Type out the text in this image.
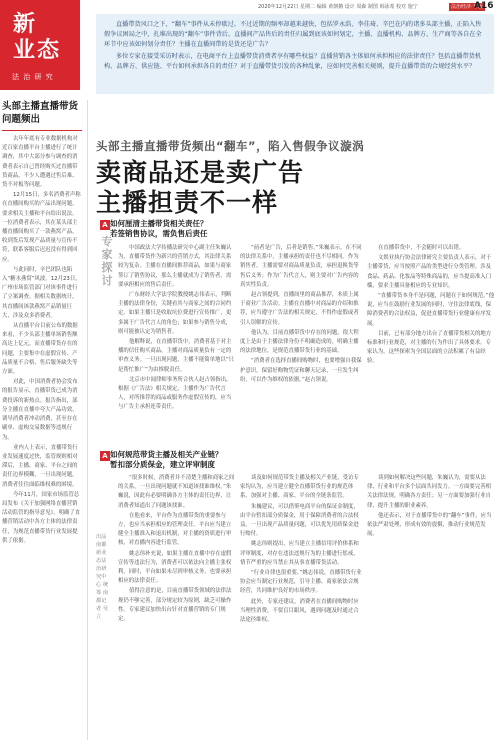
2020年12月22日 星期二 编辑 黄朝娥 设计 周森 制图 韩泳希 校对 施宁	法治经济·专版
A16
新
业态
法 治 研 究

直播带货风口之下，“翻车”事件从未停歇过。不过近期的频率却越来越快，包括罗永浩、李佳琦、辛巴在内的诸多头部主播，正陷入售假争议困局之中，扎堆出现的“翻车”事件背后，直播间产品售后的责任归属到底该如何划定，主播、直播机构、品牌方、生产商等各自在全环节中应该如何划分责任？主播在直播间带的是货还是广告？

多位专家在接受采访时表示，在电商平台上直播带货消费者享有哪些权益？直播营销各主体如何承担相应的法律责任？包括直播带货机构、品牌方、供应链、平台如何承担各自的责任？对于直播带货引发的各种乱象，应如何完善相关规则，提升直播带货的合规经营水平？

头部主播直播带货问题频出

去年年底有专业数据机构对近百家直播平台主播进行了统计调查，其中大部分参与调查的消费者表示自己曾经购买过直播带货商品，不少人遭遇过售后难、货不对板等问题。

12月15日，多名消费者声称在直播间购买的产品出现问题，要求相关主播和平台给出说法。一位消费者表示，其在某头部主播直播间购买了一款燕窝产品，收到货后发现产品质量与宣传不符，联系客服后迟迟没有得到回应。

与此同时，辛巴团队也陷入“糖水燕窝”风波。12月23日，广州市场监管部门对该事件进行了立案调查。据相关数据统计，其直播间该款燕窝产品销量巨大，涉及众多消费者。

从直播平台目前公布的数据来看，不少头部主播单场销售额高达上亿元。而直播带货存在的问题，主要集中在虚假宣传、产品质量不合格、售后服务缺失等方面。

对此，中国消费者协会发布的报告显示，直播带货已成为消费投诉的新热点。报告指出，部分主播在直播中夸大产品功效，诱导消费者冲动消费，甚至存在刷单、虚构交易数据等违规行为。

业内人士表示，直播带货行业发展速度过快，监管规则相对滞后，主播、商家、平台之间的责任边界模糊，一旦出现问题，消费者往往面临维权难的困境。

今年11月，国家市场监管总局发布《关于加强网络直播营销活动监管的指导意见》，明确了直播营销活动中各方主体的法律责任，为规范直播带货行业发展提供了依据。

头部主播直播带货频出“翻车”，陷入售假争议漩涡
卖商品还是卖广告
主播担责不一样
专家探讨
A 如何厘清主播带货相关责任？
若签销售协议，需负售后责任

中国政法大学传播法研究中心副主任朱巍认为，直播带货作为新兴的营销方式，其法律关系较为复杂。主播在直播间推荐商品，如果与商家签订了销售协议，那么主播就成为了销售者，需要承担相应的售后责任。

广东财经大学法学院教授姚志伟表示，判断主播的法律身份，关键看其与商家之间的合同约定。如果主播只是收取坑位费进行宣传推广，更多属于广告代言人的角色；如果参与销售分成，则可能被认定为销售者。

他解释说，在直播带货中，消费者基于对主播的信任购买商品，主播对商品质量负有一定的审查义务。一旦出现问题，主播不能简单地以“只是帮忙推广”为由推脱责任。

北京市中闻律师事务所合伙人赵占领指出，根据《广告法》相关规定，主播作为广告代言人，对所推荐的商品或服务作虚假宣传的，应当与广告主承担连带责任。

“前者是广告，后者是销售。”朱巍表示，在不同的法律关系中，主播承担的责任也不尽相同。作为销售者，主播需要对商品质量负责，承担退换货等售后义务；作为广告代言人，则主要对广告内容的真实性负责。

赵占领提到，直播间里的商品推荐，本质上属于商业广告活动。主播在直播中对商品的介绍和推荐，应当遵守广告法的相关规定，不得作虚假或者引人误解的宣传。

他认为，目前直播带货中存在的问题，很大程度上是由于主播法律身份不明确造成的。明确主播的法律地位，是规范直播带货行业的基础。

“消费者在选择直播间购物时，也要增强自我保护意识，保留好购物凭证和聊天记录，一旦发生纠纷，可以作为维权的依据。”赵占领说。

在直播带货中，不会随时可以出错。

文娱业执行协会法律研究主要负责人表示，对于主播带货，应当按照产品的类型进行分类管理。涉及食品、药品、化妆品等特殊商品的，应当提高准入门槛，要求主播具备相应的专业知识。

“直播带货本身不是问题，问题在于如何规范。”他说，应当在鼓励行业发展的同时，守住法律底线，保障消费者的合法权益，促进直播带货行业健康有序发展。

目前，已有部分地方出台了直播带货相关的地方标准和行业规范，对主播的行为作出了具体要求。专家认为，这些探索为全国层面的立法积累了有益经验。

A 如何规范带货主播及相关产业链？
暂扣部分质保金，建立评审制度

“很多时候，消费者并不清楚主播和商家之间的关系，一旦出现问题就不知道该找谁维权。”朱巍说，因此有必要明确各方主体的责任边界，让消费者知道出了问题该找谁。

在他看来，平台作为直播带货的重要参与方，也应当承担相应的管理责任。平台应当建立健全主播准入和退出机制，对主播的资质进行审核，对直播内容进行监管。

姚志伟补充说，如果主播在直播中存在虚假宣传等违法行为，消费者可以依法向主播主张权利。同时，平台如果未尽到审核义务，也要承担相应的法律责任。

值得注意的是，目前直播带货领域的法律法规仍不够完善，部分规定较为原则，缺乏可操作性。专家建议加快出台针对直播营销的专门规定。

谈及如何规范带货主播及相关产业链，受访专家均认为，应当建立健全直播带货行业的规范体系，加强对主播、商家、平台的全链条监管。

朱巍建议，可以借鉴电商平台的保证金制度，由平台暂扣部分质保金，用于保障消费者的合法权益。一旦出现产品质量问题，可以优先用质保金进行赔付。

姚志伟则提出，应当建立主播信用评价体系和评审制度，对存在违法违规行为的主播进行惩戒，情节严重的应当禁止其从事直播带货活动。

“行业自律也很重要。”姚志伟说，直播带货行业协会应当制定行业规范，引导主播、商家依法合规经营，共同维护良好的市场秩序。

此外，专家还建议，消费者在直播间购物时应当理性消费，不要盲目跟风，遇到问题及时通过合法途径维权。

谈到如何解决这些问题，朱巍认为，需要从法律、行业和平台多个层面共同发力。一方面要完善相关法律法规，明确各方责任；另一方面要加强行业自律，提升主播的职业素养。

他还表示，对于直播带货中的“翻车”事件，应当依法严肃处理，形成有效的震慑，推动行业规范发展。

出品 南都新业态法治研究中心 统筹 南都记者 吴立
